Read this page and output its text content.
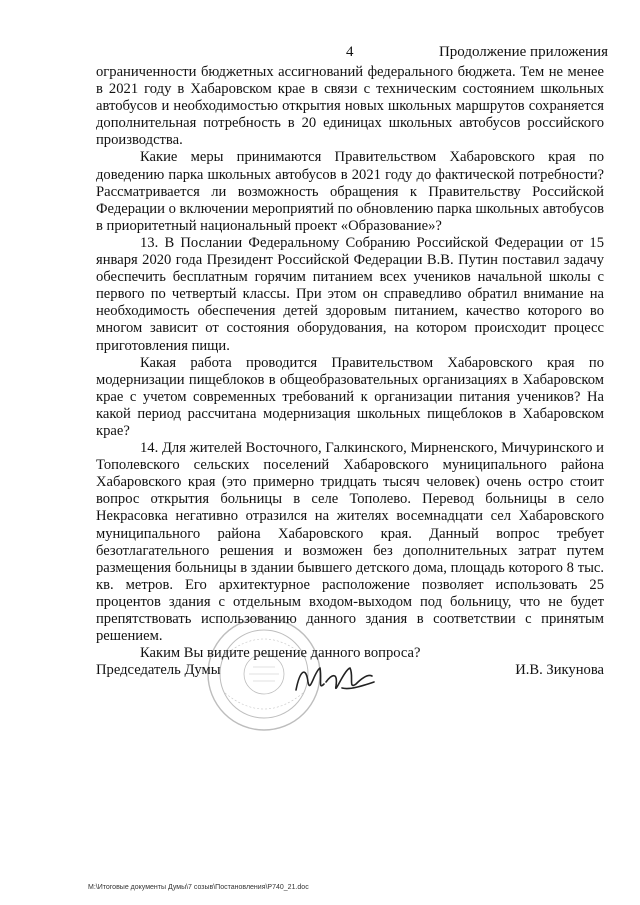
4	Продолжение приложения

ограниченности бюджетных ассигнований федерального бюджета. Тем не менее в 2021 году в Хабаровском крае в связи с техническим состоянием школьных автобусов и необходимостью открытия новых школьных маршрутов сохраняется дополнительная потребность в 20 единицах школьных автобусов российского производства.

Какие меры принимаются Правительством Хабаровского края по доведению парка школьных автобусов в 2021 году до фактической потребности? Рассматривается ли возможность обращения к Правительству Российской Федерации о включении мероприятий по обновлению парка школьных автобусов в приоритетный национальный проект «Образование»?

13. В Послании Федеральному Собранию Российской Федерации от 15 января 2020 года Президент Российской Федерации В.В. Путин поставил задачу обеспечить бесплатным горячим питанием всех учеников начальной школы с первого по четвертый классы. При этом он справедливо обратил внимание на необходимость обеспечения детей здоровым питанием, качество которого во многом зависит от состояния оборудования, на котором происходит процесс приготовления пищи.

Какая работа проводится Правительством Хабаровского края по модернизации пищеблоков в общеобразовательных организациях в Хабаровском крае с учетом современных требований к организации питания учеников? На какой период рассчитана модернизация школьных пищеблоков в Хабаровском крае?

14. Для жителей Восточного, Галкинского, Мирненского, Мичуринского и Тополевского сельских поселений Хабаровского муниципального района Хабаровского края (это примерно тридцать тысяч человек) очень остро стоит вопрос открытия больницы в селе Тополево. Перевод больницы в село Некрасовка негативно отразился на жителях восемнадцати сел Хабаровского муниципального района Хабаровского края. Данный вопрос требует безотлагательного решения и возможен без дополнительных затрат путем размещения больницы в здании бывшего детского дома, площадь которого 8 тыс. кв. метров. Его архитектурное расположение позволяет использовать 25 процентов здания с отдельным входом-выходом под больницу, что не будет препятствовать использованию данного здания в соответствии с принятым решением.

Каким Вы видите решение данного вопроса?

Председатель Думы	И.В. Зикунова
М:\Итоговые документы Думы\7 созыв\Постановления\P740_21.doc
